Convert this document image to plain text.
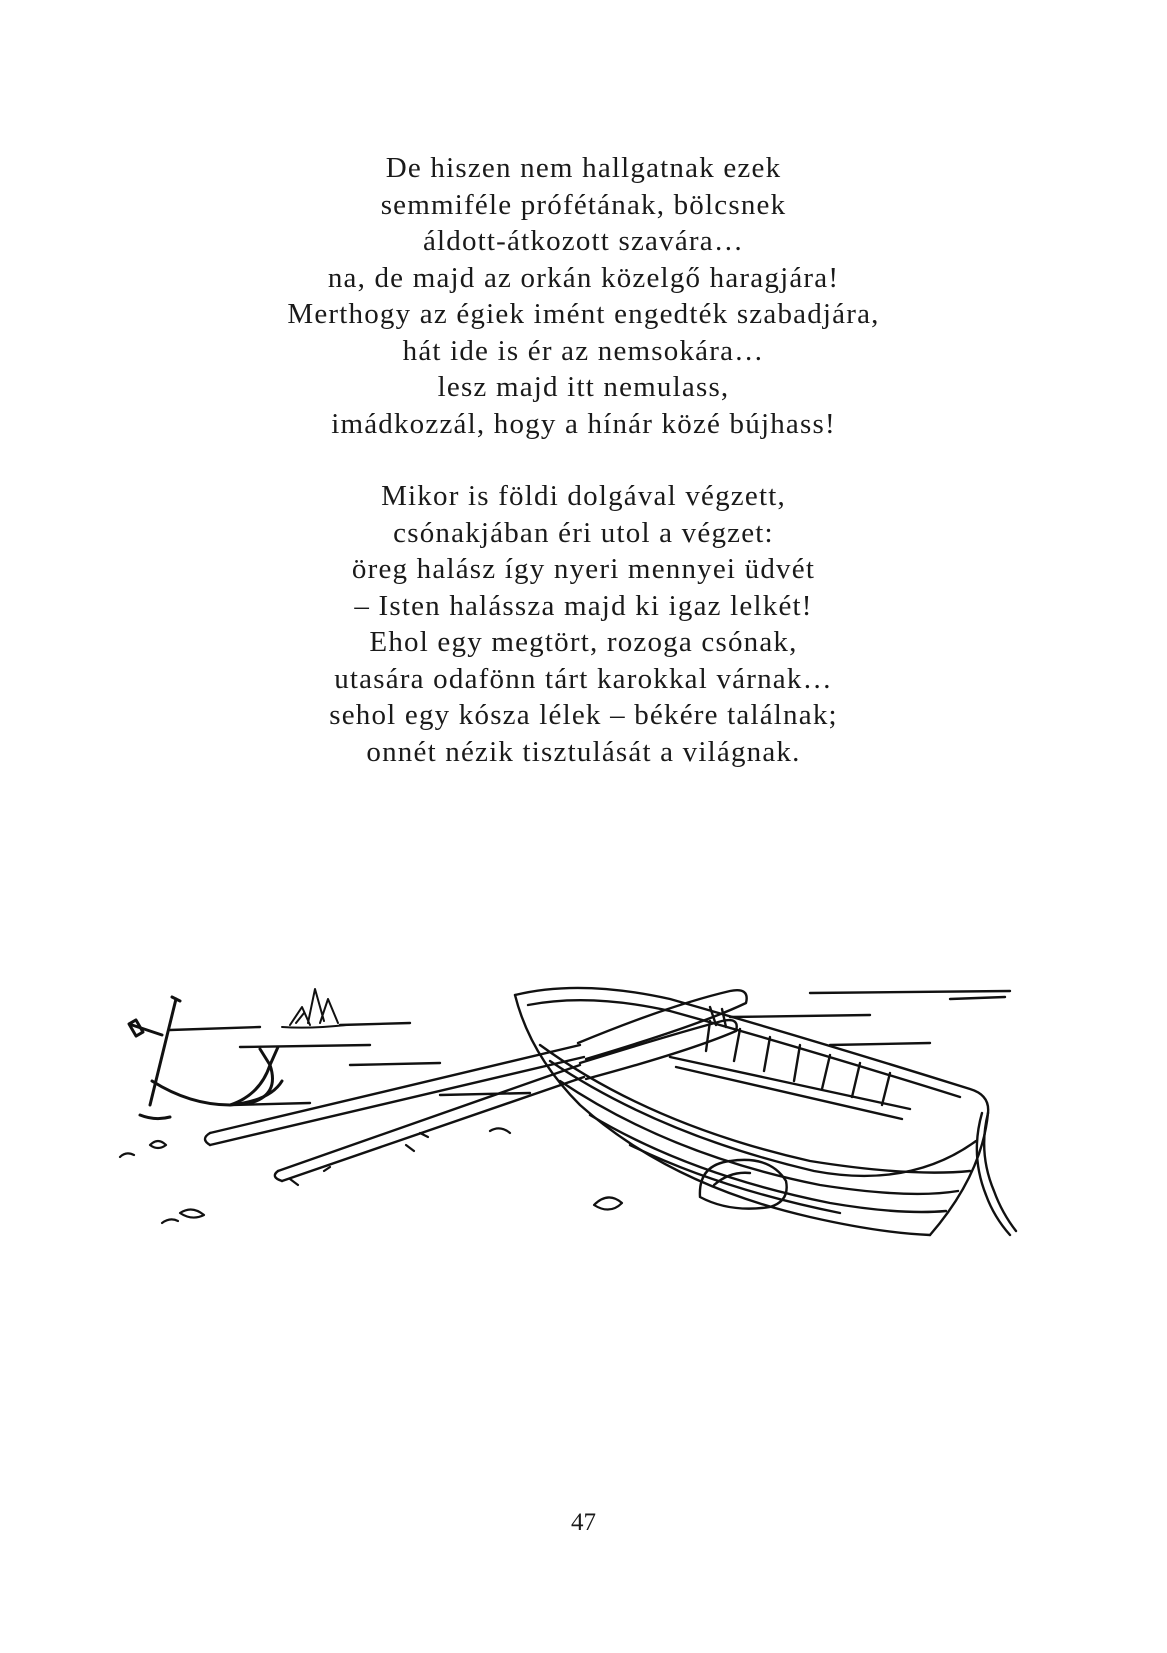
De hiszen nem hallgatnak ezek
semmiféle prófétának, bölcsnek
áldott-átkozott szavára…
na, de majd az orkán közelgő haragjára!
Merthogy az égiek imént engedték szabadjára,
hát ide is ér az nemsokára…
lesz majd itt nemulass,
imádkozzál, hogy a hínár közé bújhass!
Mikor is földi dolgával végzett,
csónakjában éri utol a végzet:
öreg halász így nyeri mennyei üdvét
– Isten halássza majd ki igaz lelkét!
Ehol egy megtört, rozoga csónak,
utasára odafönn tárt karokkal várnak…
sehol egy kósza lélek – békére találnak;
onnét nézik tisztulását a világnak.
47
